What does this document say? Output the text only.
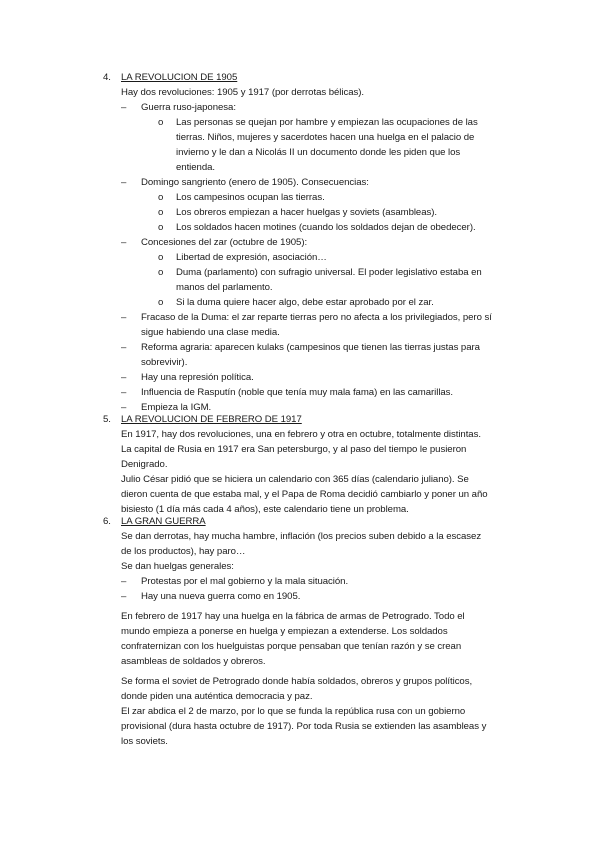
4. LA REVOLUCION DE 1905
Hay dos revoluciones: 1905 y 1917 (por derrotas bélicas).
– Guerra ruso-japonesa:
o Las personas se quejan por hambre y empiezan las ocupaciones de las
tierras. Niños, mujeres y sacerdotes hacen una huelga en el palacio de
invierno y le dan a Nicolás II un documento donde les piden que los
entienda.
– Domingo sangriento (enero de 1905). Consecuencias:
o Los campesinos ocupan las tierras.
o Los obreros empiezan a hacer huelgas y soviets (asambleas).
o Los soldados hacen motines (cuando los soldados dejan de obedecer).
– Concesiones del zar (octubre de 1905):
o Libertad de expresión, asociación…
o Duma (parlamento) con sufragio universal. El poder legislativo estaba en
manos del parlamento.
o Si la duma quiere hacer algo, debe estar aprobado por el zar.
– Fracaso de la Duma: el zar reparte tierras pero no afecta a los privilegiados, pero sí
sigue habiendo una clase media.
– Reforma agraria: aparecen kulaks (campesinos que tienen las tierras justas para
sobrevivir).
– Hay una represión política.
– Influencia de Rasputín (noble que tenía muy mala fama) en las camarillas.
– Empieza la IGM.
5. LA REVOLUCION DE FEBRERO DE 1917
En 1917, hay dos revoluciones, una en febrero y otra en octubre, totalmente distintas.
La capital de Rusia en 1917 era San petersburgo, y al paso del tiempo le pusieron
Denigrado.
Julio César pidió que se hiciera un calendario con 365 días (calendario juliano). Se
dieron cuenta de que estaba mal, y el Papa de Roma decidió cambiarlo y poner un año
bisiesto (1 día más cada 4 años), este calendario tiene un problema.
6. LA GRAN GUERRA
Se dan derrotas, hay mucha hambre, inflación (los precios suben debido a la escasez
de los productos), hay paro…
Se dan huelgas generales:
– Protestas por el mal gobierno y la mala situación.
– Hay una nueva guerra como en 1905.
En febrero de 1917 hay una huelga en la fábrica de armas de Petrogrado. Todo el
mundo empieza a ponerse en huelga y empiezan a extenderse. Los soldados
confraternizan con los huelguistas porque pensaban que tenían razón y se crean
asambleas de soldados y obreros.
Se forma el soviet de Petrogrado donde había soldados, obreros y grupos políticos,
donde piden una auténtica democracia y paz.
El zar abdica el 2 de marzo, por lo que se funda la república rusa con un gobierno
provisional (dura hasta octubre de 1917). Por toda Rusia se extienden las asambleas y
los soviets.
